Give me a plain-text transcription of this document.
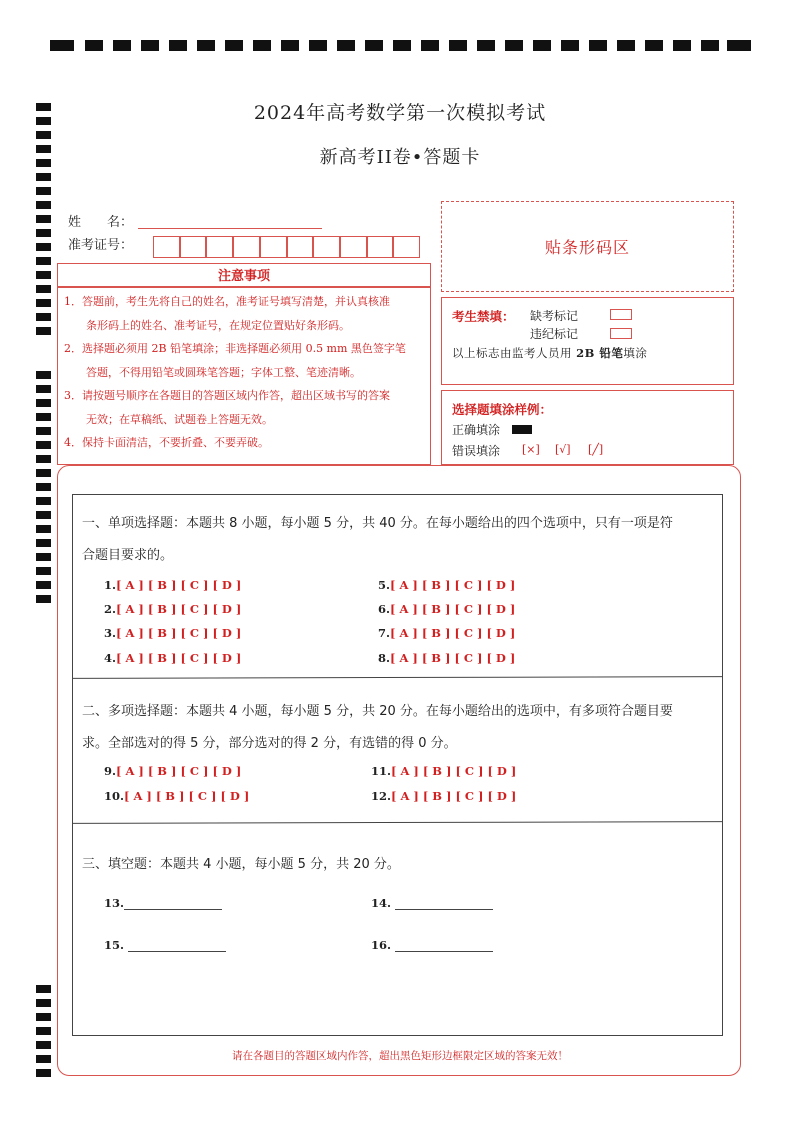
2024年高考数学第一次模拟考试
新高考II卷•答题卡
姓　　名：
准考证号：	贴条形码区
注意事项
1．答题前，考生先将自己的姓名，准考证号填写清楚，并认真核准
　　条形码上的姓名、准考证号，在规定位置贴好条形码。
2．选择题必须用 2B 铅笔填涂；非选择题必须用 0.5 mm 黑色签字笔
　　答题，不得用铅笔或圆珠笔答题；字体工整、笔迹清晰。
3．请按题号顺序在各题目的答题区域内作答，超出区域书写的答案
　　无效；在草稿纸、试题卷上答题无效。
4．保持卡面清洁，不要折叠、不要弄破。
考生禁填： 缺考标记
违纪标记
以上标志由监考人员用 2B 铅笔填涂
选择题填涂样例：
正确填涂
错误填涂 [×] [√] [╱]
一、单项选择题：本题共 8 小题，每小题 5 分，共 40 分。在每小题给出的四个选项中，只有一项是符
合题目要求的。
1.[ A ] [ B ] [ C ] [ D ]
2.[ A ] [ B ] [ C ] [ D ]
3.[ A ] [ B ] [ C ] [ D ]
4.[ A ] [ B ] [ C ] [ D ]
5.[ A ] [ B ] [ C ] [ D ]
6.[ A ] [ B ] [ C ] [ D ]
7.[ A ] [ B ] [ C ] [ D ]
8.[ A ] [ B ] [ C ] [ D ]
二、多项选择题：本题共 4 小题，每小题 5 分，共 20 分。在每小题给出的选项中，有多项符合题目要
求。全部选对的得 5 分，部分选对的得 2 分，有选错的得 0 分。
9.[ A ] [ B ] [ C ] [ D ]
10.[ A ] [ B ] [ C ] [ D ]
11.[ A ] [ B ] [ C ] [ D ]
12.[ A ] [ B ] [ C ] [ D ]
三、填空题：本题共 4 小题，每小题 5 分，共 20 分。
13.	14.
15.	16.
请在各题目的答题区域内作答，超出黑色矩形边框限定区域的答案无效！
